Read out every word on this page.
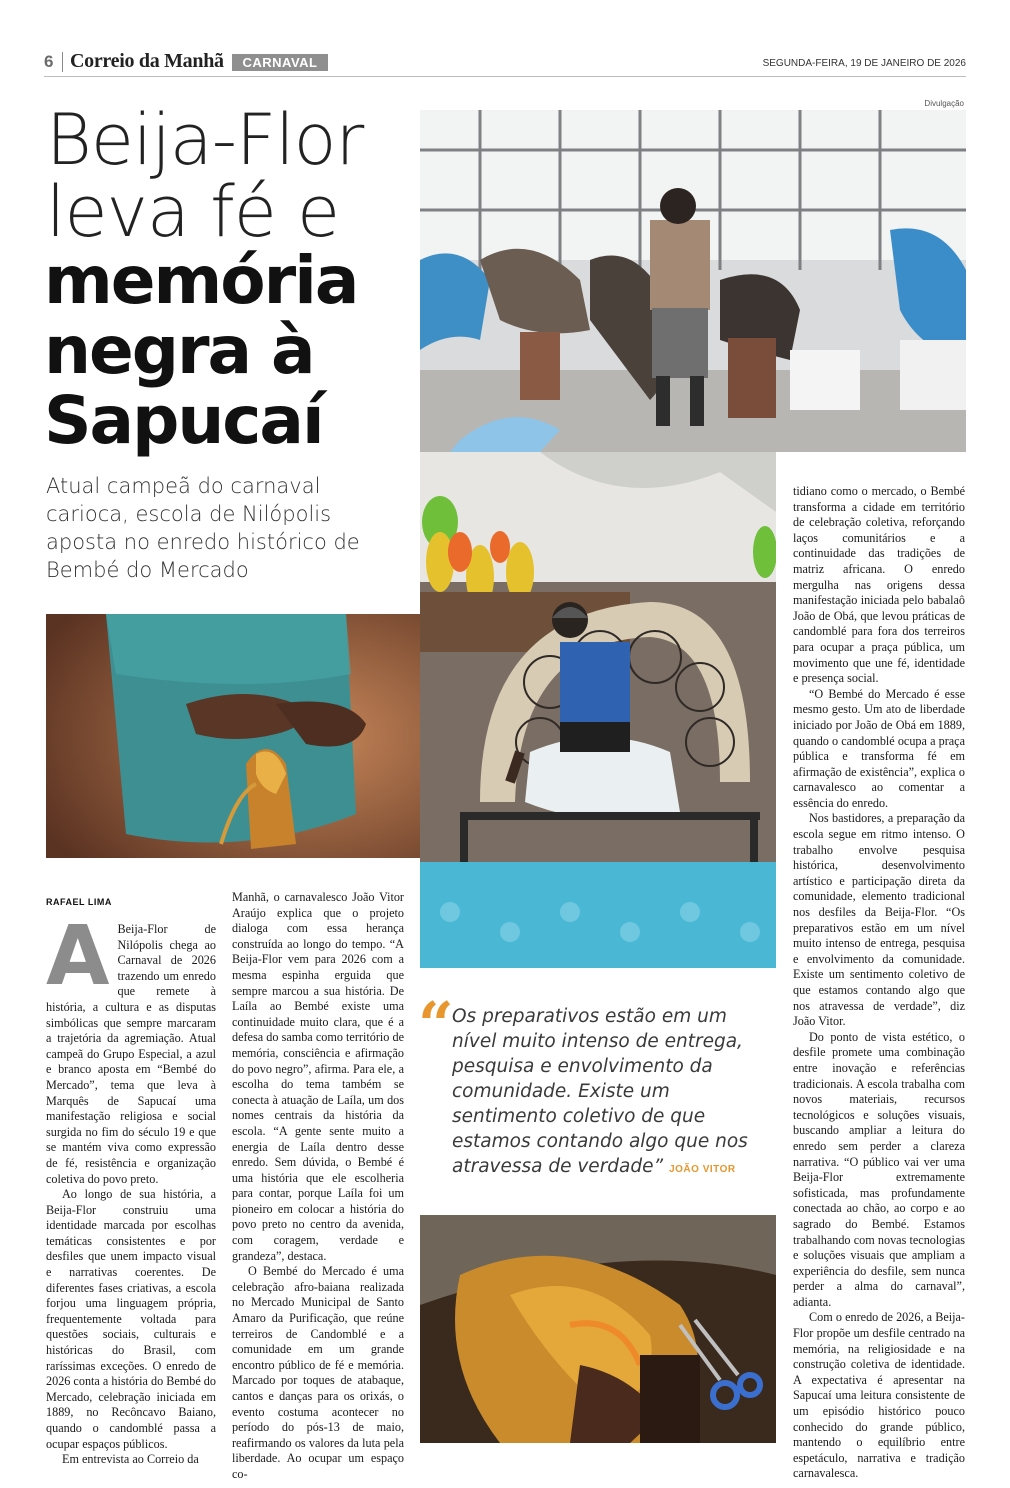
6 Correio da Manhã	CARNAVAL	SEGUNDA-FEIRA, 19 DE JANEIRO DE 2026
Beija-Flor
leva fé e
memória
negra à
Sapucaí
Atual campeã do carnaval carioca, escola de Nilópolis aposta no enredo histórico de Bembé do Mercado
Divulgação
RAFAEL LIMA

A Beija-Flor de Nilópolis chega ao Carnaval de 2026 trazendo um enredo que remete à história, a cultura e as disputas simbólicas que sempre marcaram a trajetória da agremiação. Atual campeã do Grupo Especial, a azul e branco aposta em “Bembé do Mercado”, tema que leva à Marquês de Sapucaí uma manifestação religiosa e social surgida no fim do século 19 e que se mantém viva como expressão de fé, resistência e organização coletiva do povo preto.

Ao longo de sua história, a Beija-Flor construiu uma identidade marcada por escolhas temáticas consistentes e por desfiles que unem impacto visual e narrativas coerentes. De diferentes fases criativas, a escola forjou uma linguagem própria, frequentemente voltada para questões sociais, culturais e históricas do Brasil, com raríssimas exceções. O enredo de 2026 conta a história do Bembé do Mercado, celebração iniciada em 1889, no Recôncavo Baiano, quando o candomblé passa a ocupar espaços públicos.

Em entrevista ao Correio da

Manhã, o carnavalesco João Vitor Araújo explica que o projeto dialoga com essa herança construída ao longo do tempo. “A Beija-Flor vem para 2026 com a mesma espinha erguida que sempre marcou a sua história. De Laíla ao Bembé existe uma continuidade muito clara, que é a defesa do samba como território de memória, consciência e afirmação do povo negro”, afirma. Para ele, a escolha do tema também se conecta à atuação de Laíla, um dos nomes centrais da história da escola. “A gente sente muito a energia de Laíla dentro desse enredo. Sem dúvida, o Bembé é uma história que ele escolheria para contar, porque Laíla foi um pioneiro em colocar a história do povo preto no centro da avenida, com coragem, verdade e grandeza”, destaca.

O Bembé do Mercado é uma celebração afro-baiana realizada no Mercado Municipal de Santo Amaro da Purificação, que reúne terreiros de Candomblé e a comunidade em um grande encontro público de fé e memória. Marcado por toques de atabaque, cantos e danças para os orixás, o evento costuma acontecer no período do pós-13 de maio, reafirmando os valores da luta pela liberdade. Ao ocupar um espaço co-

tidiano como o mercado, o Bembé transforma a cidade em território de celebração coletiva, reforçando laços comunitários e a continuidade das tradições de matriz africana. O enredo mergulha nas origens dessa manifestação iniciada pelo babalaô João de Obá, que levou práticas de candomblé para fora dos terreiros para ocupar a praça pública, um movimento que une fé, identidade e presença social.

“O Bembé do Mercado é esse mesmo gesto. Um ato de liberdade iniciado por João de Obá em 1889, quando o candomblé ocupa a praça pública e transforma fé em afirmação de existência”, explica o carnavalesco ao comentar a essência do enredo.

Nos bastidores, a preparação da escola segue em ritmo intenso. O trabalho envolve pesquisa histórica, desenvolvimento artístico e participação direta da comunidade, elemento tradicional nos desfiles da Beija-Flor. “Os preparativos estão em um nível muito intenso de entrega, pesquisa e envolvimento da comunidade. Existe um sentimento coletivo de que estamos contando algo que nos atravessa de verdade”, diz João Vitor.

Do ponto de vista estético, o desfile promete uma combinação entre inovação e referências tradicionais. A escola trabalha com novos materiais, recursos tecnológicos e soluções visuais, buscando ampliar a leitura do enredo sem perder a clareza narrativa. “O público vai ver uma Beija-Flor extremamente sofisticada, mas profundamente conectada ao chão, ao corpo e ao sagrado do Bembé. Estamos trabalhando com novas tecnologias e soluções visuais que ampliam a experiência do desfile, sem nunca perder a alma do carnaval”, adianta.

Com o enredo de 2026, a Beija-Flor propõe um desfile centrado na memória, na religiosidade e na construção coletiva de identidade. A expectativa é apresentar na Sapucaí uma leitura consistente de um episódio histórico pouco conhecido do grande público, mantendo o equilíbrio entre espetáculo, narrativa e tradição carnavalesca.

“
Os preparativos estão em um nível muito intenso de entrega, pesquisa e envolvimento da comunidade. Existe um sentimento coletivo de que estamos contando algo que nos atravessa de verdade” JOÃO VITOR
